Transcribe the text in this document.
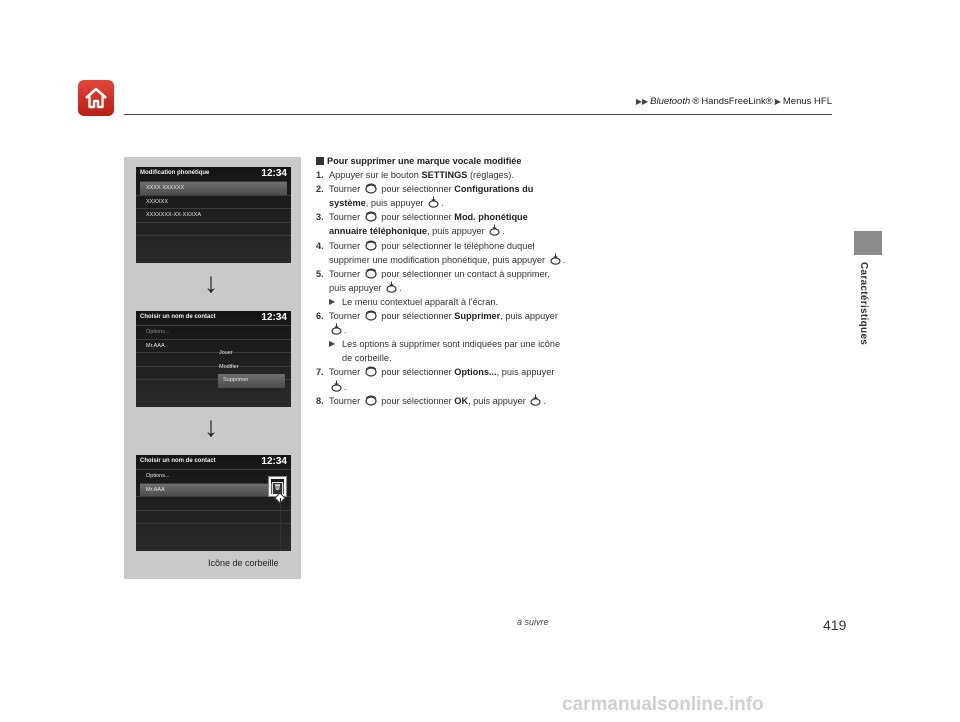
▶▶ Bluetooth ® HandsFreeLink® ▶ Menus HFL
Caractéristiques
Modification phonétique	12:34
XXXX XXXXXX
XXXXXX
XXXXXXX-XX-XXXXA
↓
Choisir un nom de contact	12:34
Options...
Mr.AAA
Jouer
Modifier
Supprimer
↓
Choisir un nom de contact	12:34
Options...
Mr.AAA	🗑
Icône de corbeille
Pour supprimer une marque vocale modifiée
1. Appuyer sur le bouton SETTINGS (réglages).
2. Tourner  pour sélectionner Configurations du système, puis appuyer .
3. Tourner  pour sélectionner Mod. phonétique annuaire téléphonique, puis appuyer .
4. Tourner  pour sélectionner le téléphone duquel supprimer une modification phonétique, puis appuyer .
5. Tourner  pour sélectionner un contact à supprimer, puis appuyer .
▶ Le menu contextuel apparaît à l'écran.
6. Tourner  pour sélectionner Supprimer, puis appuyer .
▶ Les options à supprimer sont indiquées par une icône de corbeille.
7. Tourner  pour sélectionner Options..., puis appuyer .
8. Tourner  pour sélectionner OK, puis appuyer .
à suivre	419
carmanualsonline.info
